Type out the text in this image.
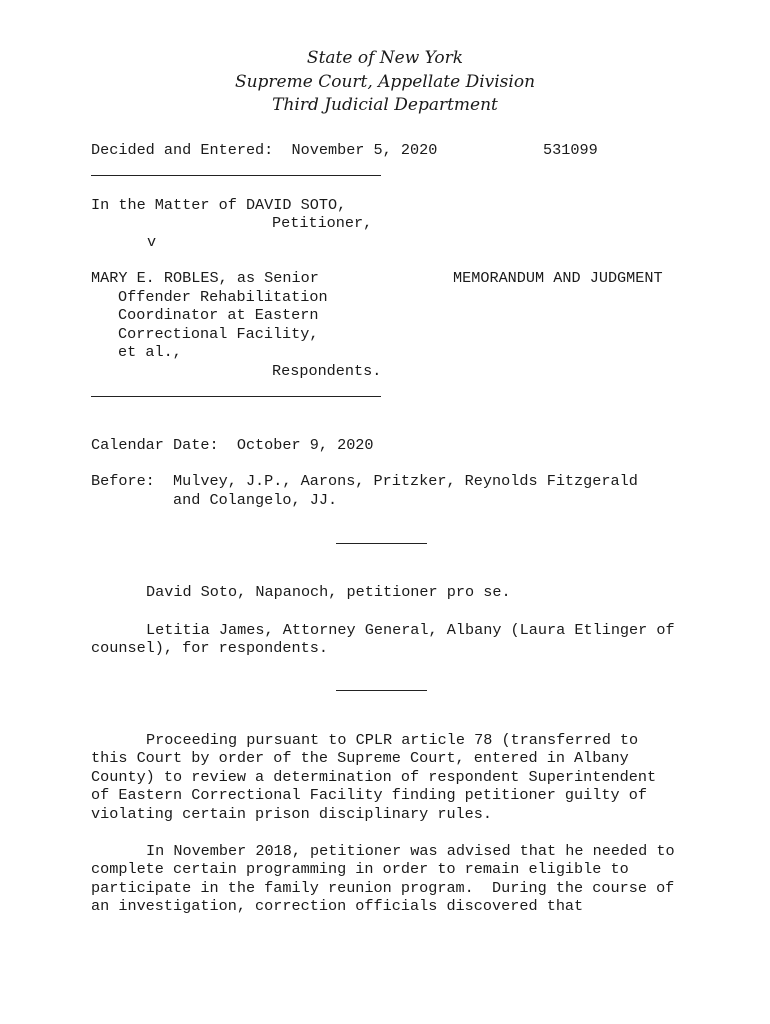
State of New York
Supreme Court, Appellate Division
Third Judicial Department
Decided and Entered:  November 5, 2020	531099
In the Matter of DAVID SOTO,
Petitioner,
v
MARY E. ROBLES, as Senior	MEMORANDUM AND JUDGMENT
Offender Rehabilitation
Coordinator at Eastern
Correctional Facility,
et al.,
Respondents.
Calendar Date:  October 9, 2020
Before:  Mulvey, J.P., Aarons, Pritzker, Reynolds Fitzgerald
and Colangelo, JJ.
David Soto, Napanoch, petitioner pro se.
Letitia James, Attorney General, Albany (Laura Etlinger of
counsel), for respondents.
Proceeding pursuant to CPLR article 78 (transferred to
this Court by order of the Supreme Court, entered in Albany
County) to review a determination of respondent Superintendent
of Eastern Correctional Facility finding petitioner guilty of
violating certain prison disciplinary rules.
In November 2018, petitioner was advised that he needed to
complete certain programming in order to remain eligible to
participate in the family reunion program.  During the course of
an investigation, correction officials discovered that
